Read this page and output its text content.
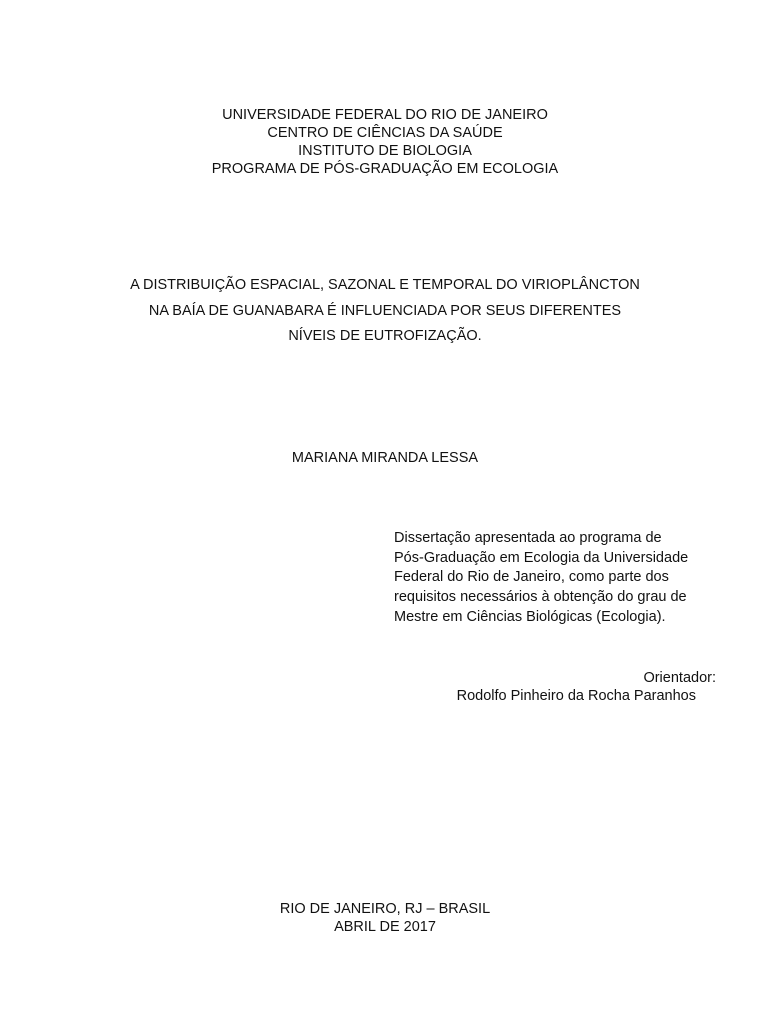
UNIVERSIDADE FEDERAL DO RIO DE JANEIRO
CENTRO DE CIÊNCIAS DA SAÚDE
INSTITUTO DE BIOLOGIA
PROGRAMA DE PÓS-GRADUAÇÃO EM ECOLOGIA
A DISTRIBUIÇÃO ESPACIAL, SAZONAL E TEMPORAL DO VIRIOPLÂNCTON
NA BAÍA DE GUANABARA É INFLUENCIADA POR SEUS DIFERENTES
NÍVEIS DE EUTROFIZAÇÃO.
MARIANA MIRANDA LESSA
Dissertação apresentada ao programa de
Pós-Graduação em Ecologia da Universidade
Federal do Rio de Janeiro, como parte dos
requisitos necessários à obtenção do grau de
Mestre em Ciências Biológicas (Ecologia).
Orientador:
Rodolfo Pinheiro da Rocha Paranhos
RIO DE JANEIRO, RJ – BRASIL
ABRIL DE 2017
